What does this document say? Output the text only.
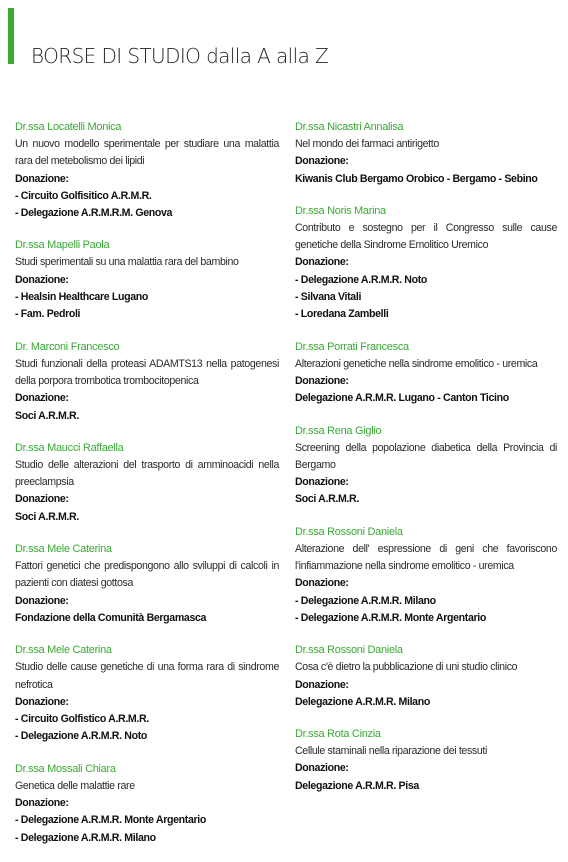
BORSE DI STUDIO dalla A alla Z
Dr.ssa Locatelli Monica
Un nuovo modello sperimentale per studiare una malattia rara del metebolismo dei lipidi
Donazione:
- Circuito Golfisitico A.R.M.R.
- Delegazione A.R.M.R.M. Genova
Dr.ssa Mapelli Paola
Studi sperimentali su una malattia rara del bambino
Donazione:
- Healsin Healthcare Lugano
- Fam. Pedroli
Dr. Marconi Francesco
Studi funzionali della proteasi ADAMTS13 nella patogenesi della porpora trombotica trombocitopenica
Donazione:
Soci A.R.M.R.
Dr.ssa Maucci Raffaella
Studio delle alterazioni del trasporto di amminoacidi nella preeclampsia
Donazione:
Soci A.R.M.R.
Dr.ssa Mele Caterina
Fattori genetici che predispongono allo sviluppi di calcoli in pazienti con diatesi gottosa
Donazione:
Fondazione della Comunità Bergamasca
Dr.ssa Mele Caterina
Studio delle cause genetiche di una forma rara di sindrome nefrotica
Donazione:
- Circuito Golfistico A.R.M.R.
- Delegazione A.R.M.R. Noto
Dr.ssa Mossali Chiara
Genetica delle malattie rare
Donazione:
- Delegazione A.R.M.R. Monte Argentario
- Delegazione A.R.M.R. Milano
Dr.ssa Nicastri Annalisa
Nel mondo dei farmaci antirigetto
Donazione:
Kiwanis Club Bergamo Orobico - Bergamo - Sebino
Dr.ssa Noris Marina
Contributo e sostegno per il Congresso sulle cause genetiche della Sindrome Emolitico Uremico
Donazione:
- Delegazione A.R.M.R. Noto
- Silvana Vitali
- Loredana Zambelli
Dr.ssa Porrati Francesca
Alterazioni genetiche nella sindrome emolitico - uremica
Donazione:
Delegazione A.R.M.R. Lugano - Canton Ticino
Dr.ssa Rena Giglio
Screening della popolazione diabetica della Provincia di Bergamo
Donazione:
Soci A.R.M.R.
Dr.ssa Rossoni Daniela
Alterazione dell' espressione di geni che favoriscono l'infiammazione nella sindrome emolitico - uremica
Donazione:
- Delegazione A.R.M.R. Milano
- Delegazione A.R.M.R. Monte Argentario
Dr.ssa Rossoni Daniela
Cosa c'è dietro la pubblicazione di uni studio clinico
Donazione:
Delegazione A.R.M.R. Milano
Dr.ssa Rota Cinzia
Cellule staminali nella riparazione dei tessuti
Donazione:
Delegazione A.R.M.R. Pisa
